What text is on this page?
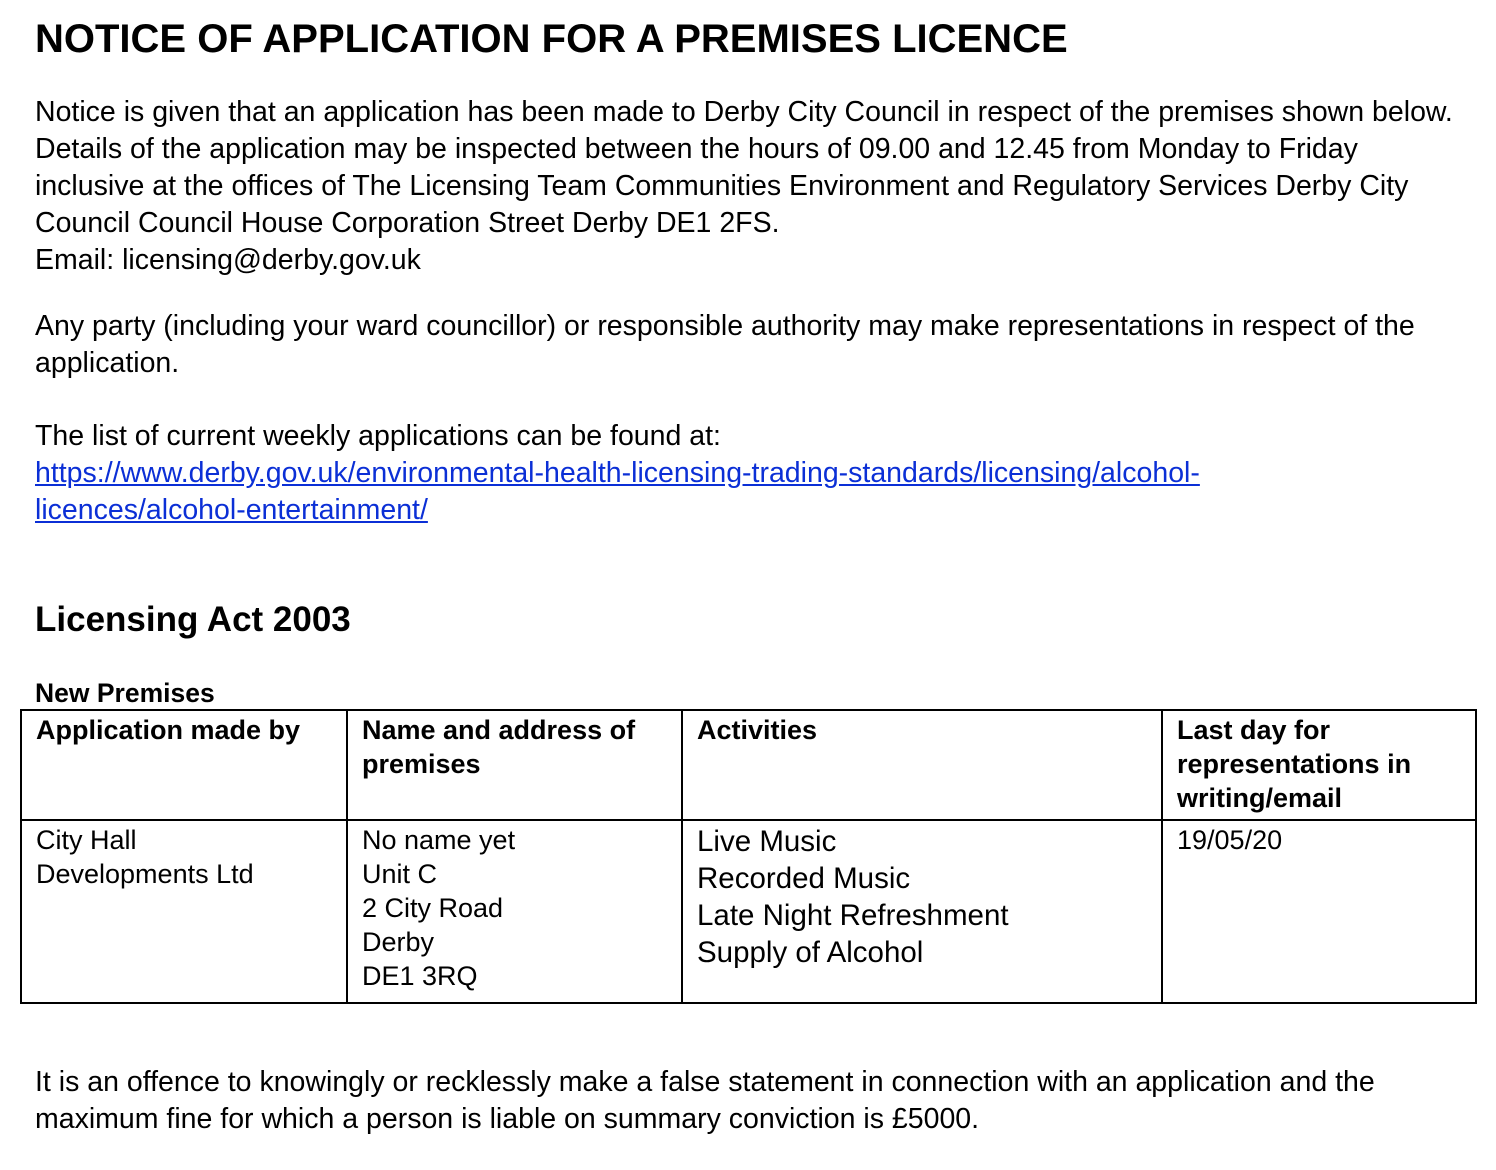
NOTICE OF APPLICATION FOR A PREMISES LICENCE

Notice is given that an application has been made to Derby City Council in respect of the premises shown below. Details of the application may be inspected between the hours of 09.00 and 12.45 from Monday to Friday inclusive at the offices of The Licensing Team Communities Environment and Regulatory Services Derby City Council Council House Corporation Street Derby DE1 2FS.
Email: licensing@derby.gov.uk

Any party (including your ward councillor) or responsible authority may make representations in respect of the application.

The list of current weekly applications can be found at:
https://www.derby.gov.uk/environmental-health-licensing-trading-standards/licensing/alcohol-
licences/alcohol-entertainment/

Licensing Act 2003
New Premises
Application made by	Name and address of premises	Activities	Last day for representations in writing/email

City Hall
Developments Ltd	No name yet
Unit C
2 City Road
Derby
DE1 3RQ	Live Music
Recorded Music
Late Night Refreshment
Supply of Alcohol	19/05/20

It is an offence to knowingly or recklessly make a false statement in connection with an application and the maximum fine for which a person is liable on summary conviction is £5000.
